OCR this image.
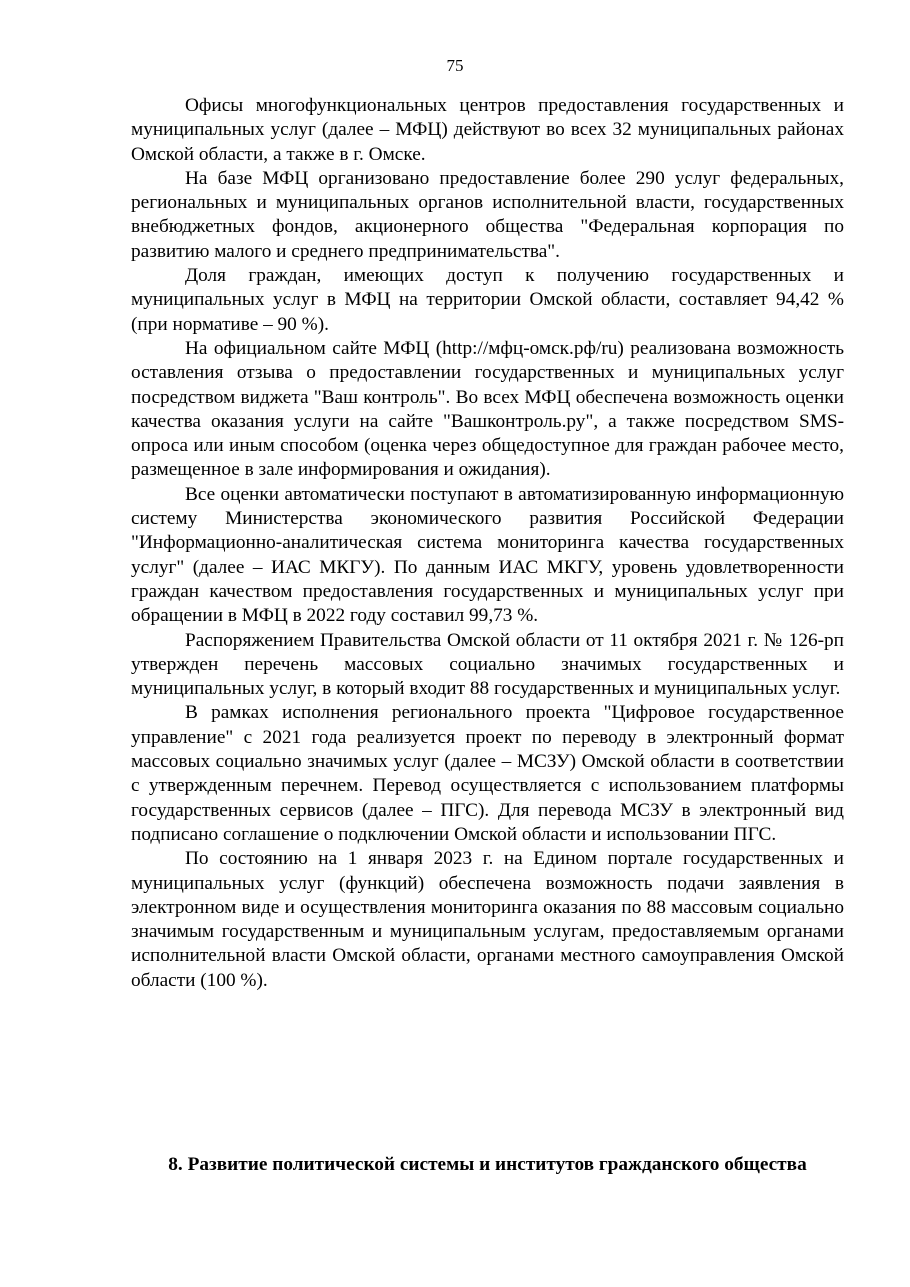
75

Офисы многофункциональных центров предоставления государственных и муниципальных услуг (далее – МФЦ) действуют во всех 32 муниципальных районах Омской области, а также в г. Омске.

На базе МФЦ организовано предоставление более 290 услуг федеральных, региональных и муниципальных органов исполнительной власти, государственных внебюджетных фондов, акционерного общества "Федеральная корпорация по развитию малого и среднего предпринимательства".

Доля граждан, имеющих доступ к получению государственных и муниципальных услуг в МФЦ на территории Омской области, составляет 94,42 % (при нормативе – 90 %).

На официальном сайте МФЦ (http://мфц-омск.рф/ru) реализована возможность оставления отзыва о предоставлении государственных и муниципальных услуг посредством виджета "Ваш контроль". Во всех МФЦ обеспечена возможность оценки качества оказания услуги на сайте "Вашконтроль.ру", а также посредством SMS-опроса или иным способом (оценка через общедоступное для граждан рабочее место, размещенное в зале информирования и ожидания).

Все оценки автоматически поступают в автоматизированную информационную систему Министерства экономического развития Российской Федерации "Информационно-аналитическая система мониторинга качества государственных услуг" (далее – ИАС МКГУ). По данным ИАС МКГУ, уровень удовлетворенности граждан качеством предоставления государственных и муниципальных услуг при обращении в МФЦ в 2022 году составил 99,73 %.

Распоряжением Правительства Омской области от 11 октября 2021 г. № 126-рп утвержден перечень массовых социально значимых государственных и муниципальных услуг, в который входит 88 государственных и муниципальных услуг.

В рамках исполнения регионального проекта "Цифровое государственное управление" с 2021 года реализуется проект по переводу в электронный формат массовых социально значимых услуг (далее – МСЗУ) Омской области в соответствии с утвержденным перечнем. Перевод осуществляется с использованием платформы государственных сервисов (далее – ПГС). Для перевода МСЗУ в электронный вид подписано соглашение о подключении Омской области и использовании ПГС.

По состоянию на 1 января 2023 г. на Едином портале государственных и муниципальных услуг (функций) обеспечена возможность подачи заявления в электронном виде и осуществления мониторинга оказания по 88 массовым социально значимым государственным и муниципальным услугам, предоставляемым органами исполнительной власти Омской области, органами местного самоуправления Омской области (100 %).

8. Развитие политической системы и институтов гражданского общества
